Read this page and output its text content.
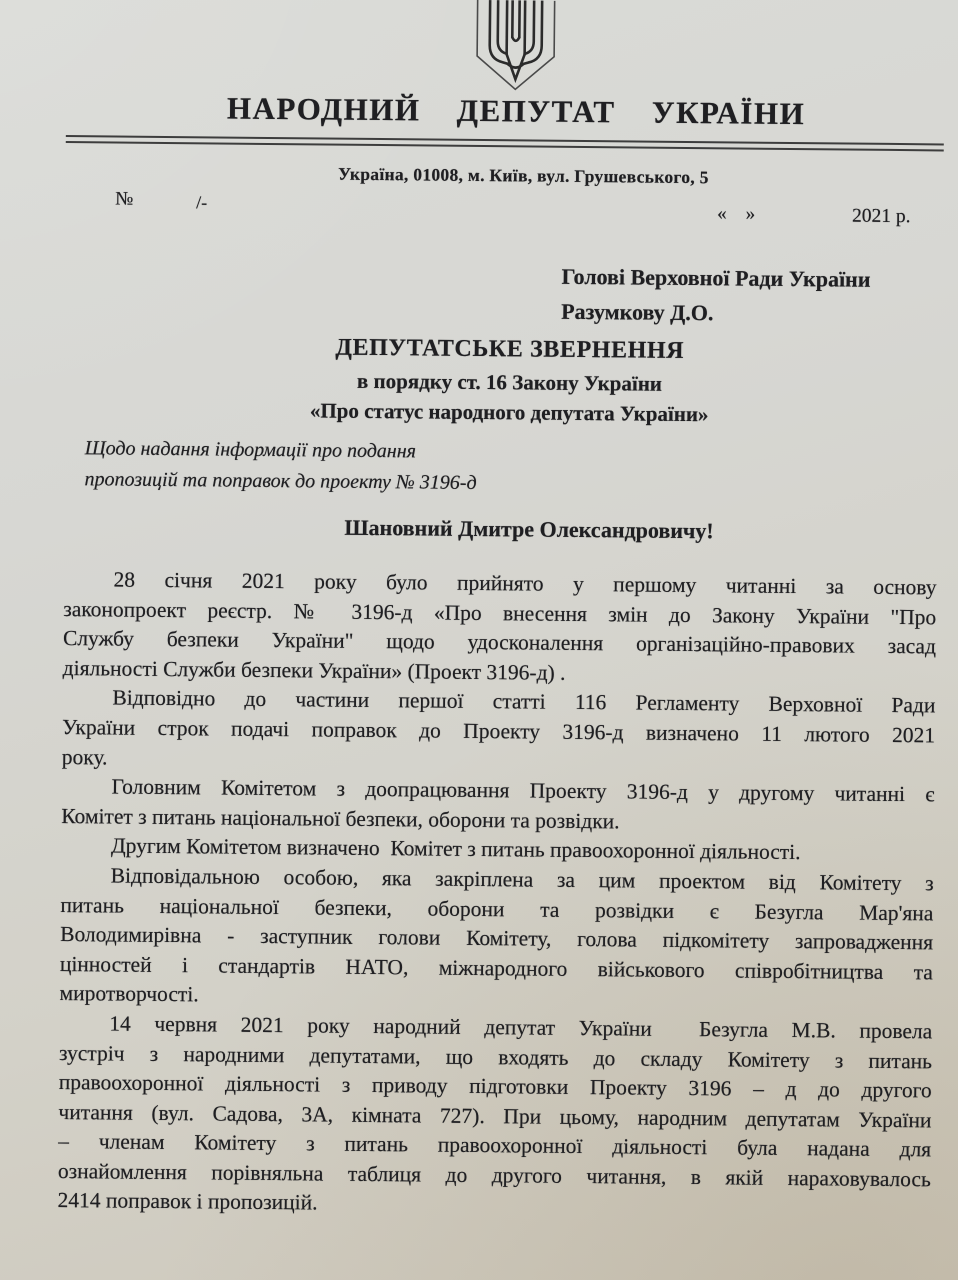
НАРОДНИЙ ДЕПУТАТ УКРАЇНИ
Україна, 01008, м. Київ, вул. Грушевського, 5
№	/-
«    »	2021 р.
Голові Верховної Ради України
Разумкову Д.О.
ДЕПУТАТСЬКЕ ЗВЕРНЕННЯ
в порядку ст. 16 Закону України
«Про статус народного депутата України»
Щодо надання інформації про подання
пропозицій та поправок до проекту № 3196-д
Шановний Дмитре Олександровичу!
28 січня 2021 року було прийнято у першому читанні за основу
законопроект реєстр. № 3196-д «Про внесення змін до Закону України "Про
Службу безпеки України" щодо удосконалення організаційно-правових засад
діяльності Служби безпеки України» (Проект 3196-д) .
Відповідно до частини першої статті 116 Регламенту Верховної Ради
України строк подачі поправок до Проекту 3196-д визначено 11 лютого 2021
року.
Головним Комітетом з доопрацювання Проекту 3196-д у другому читанні є
Комітет з питань національної безпеки, оборони та розвідки.
Другим Комітетом визначено  Комітет з питань правоохоронної діяльності.
Відповідальною особою, яка закріплена за цим проектом від Комітету з
питань національної безпеки, оборони та розвідки є Безугла Мар'яна
Володимирівна - заступник голови Комітету, голова підкомітету запровадження
цінностей і стандартів НАТО, міжнародного військового співробітництва та
миротворчості.
14 червня 2021 року народний депутат України  Безугла М.В. провела
зустріч з народними депутатами, що входять до складу Комітету з питань
правоохоронної діяльності з приводу підготовки Проекту 3196 – д до другого
читання (вул. Садова, 3А, кімната 727). При цьому, народним депутатам України
– членам Комітету з питань правоохоронної діяльності була надана для
ознайомлення порівняльна таблиця до другого читання, в якій нараховувалось
2414 поправок і пропозицій.
